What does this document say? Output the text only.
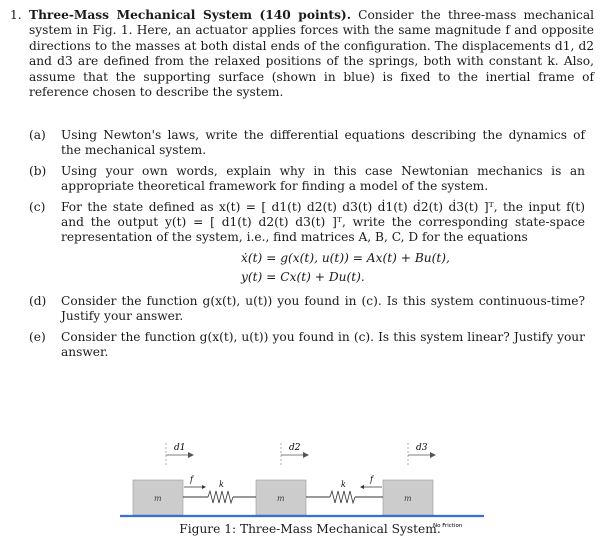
1. Three-Mass Mechanical System (140 points). Consider the three-mass mechanical system in Fig. 1. Here, an actuator applies forces with the same magnitude f and opposite directions to the masses at both distal ends of the configuration. The displacements d1, d2 and d3 are defined from the relaxed positions of the springs, both with constant k. Also, assume that the supporting surface (shown in blue) is fixed to the inertial frame of reference chosen to describe the system.
(a) Using Newton's laws, write the differential equations describing the dynamics of the mechanical system.
(b) Using your own words, explain why in this case Newtonian mechanics is an appropriate theoretical framework for finding a model of the system.
(c) For the state defined as x(t) = [ d1(t) d2(t) d3(t) ḋ1(t) ḋ2(t) ḋ3(t) ]ᵀ, the input f(t) and the output y(t) = [ d1(t) d2(t) d3(t) ]ᵀ, write the corresponding state-space representation of the system, i.e., find matrices A, B, C, D for the equations
ẋ(t) = g(x(t), u(t)) = Ax(t) + Bu(t),
y(t) = Cx(t) + Du(t).
(d) Consider the function g(x(t), u(t)) you found in (c). Is this system continuous-time? Justify your answer.
(e) Consider the function g(x(t), u(t)) you found in (c). Is this system linear? Justify your answer.
d1	d2	d3
m	m	m
k	k
f	f
No Friction
Figure 1: Three-Mass Mechanical System.
